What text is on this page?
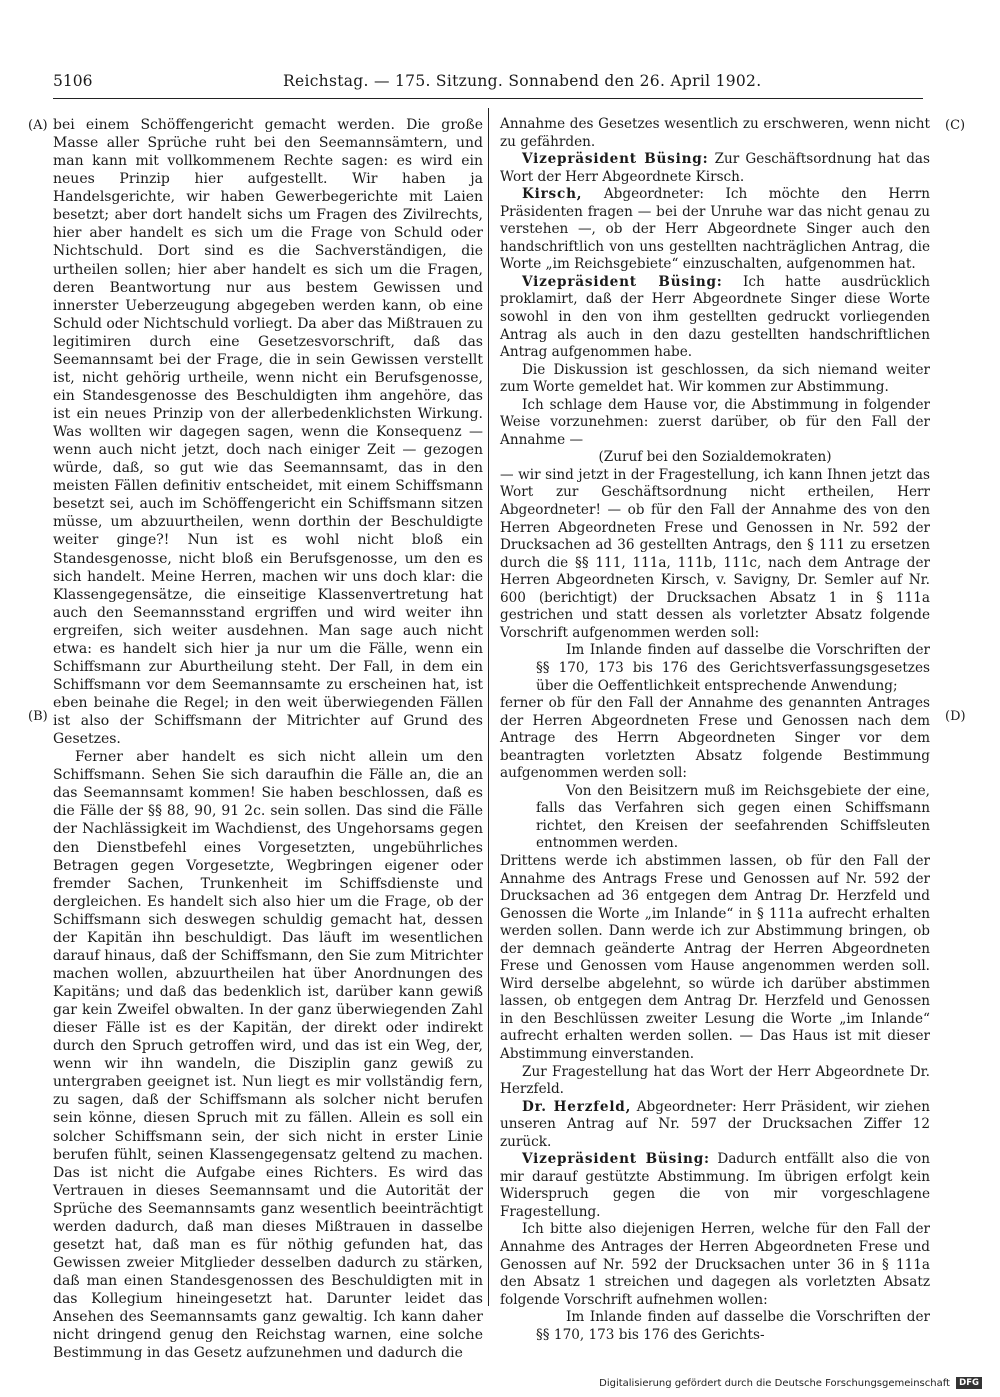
5106	Reichstag. — 175. Sitzung. Sonnabend den 26. April 1902.
(A)
(B)
(C)
(D)

bei einem Schöffengericht gemacht werden. Die große Masse aller Sprüche ruht bei den Seemannsämtern, und man kann mit vollkommenem Rechte sagen: es wird ein neues Prinzip hier aufgestellt. Wir haben ja Handelsgerichte, wir haben Gewerbegerichte mit Laien besetzt; aber dort handelt sichs um Fragen des Zivilrechts, hier aber handelt es sich um die Frage von Schuld oder Nichtschuld. Dort sind es die Sachverständigen, die urtheilen sollen; hier aber handelt es sich um die Fragen, deren Beantwortung nur aus bestem Gewissen und innerster Ueberzeugung abgegeben werden kann, ob eine Schuld oder Nichtschuld vorliegt. Da aber das Mißtrauen zu legitimiren durch eine Gesetzesvorschrift, daß das Seemannsamt bei der Frage, die in sein Gewissen verstellt ist, nicht gehörig urtheile, wenn nicht ein Berufsgenosse, ein Standesgenosse des Beschuldigten ihm angehöre, das ist ein neues Prinzip von der allerbedenklichsten Wirkung. Was wollten wir dagegen sagen, wenn die Konsequenz — wenn auch nicht jetzt, doch nach einiger Zeit — gezogen würde, daß, so gut wie das Seemannsamt, das in den meisten Fällen definitiv entscheidet, mit einem Schiffsmann besetzt sei, auch im Schöffengericht ein Schiffsmann sitzen müsse, um abzuurtheilen, wenn dorthin der Beschuldigte weiter ginge?! Nun ist es wohl nicht bloß ein Standesgenosse, nicht bloß ein Berufsgenosse, um den es sich handelt. Meine Herren, machen wir uns doch klar: die Klassengegensätze, die einseitige Klassenvertretung hat auch den Seemannsstand ergriffen und wird weiter ihn ergreifen, sich weiter ausdehnen. Man sage auch nicht etwa: es handelt sich hier ja nur um die Fälle, wenn ein Schiffsmann zur Aburtheilung steht. Der Fall, in dem ein Schiffsmann vor dem Seemannsamte zu erscheinen hat, ist eben beinahe die Regel; in den weit überwiegenden Fällen ist also der Schiffsmann der Mitrichter auf Grund des Gesetzes.

Ferner aber handelt es sich nicht allein um den Schiffsmann. Sehen Sie sich daraufhin die Fälle an, die an das Seemannsamt kommen! Sie haben beschlossen, daß es die Fälle der §§ 88, 90, 91 2c. sein sollen. Das sind die Fälle der Nachlässigkeit im Wachdienst, des Ungehorsams gegen den Dienstbefehl eines Vorgesetzten, ungebührliches Betragen gegen Vorgesetzte, Wegbringen eigener oder fremder Sachen, Trunkenheit im Schiffsdienste und dergleichen. Es handelt sich also hier um die Frage, ob der Schiffsmann sich deswegen schuldig gemacht hat, dessen der Kapitän ihn beschuldigt. Das läuft im wesentlichen darauf hinaus, daß der Schiffsmann, den Sie zum Mitrichter machen wollen, abzuurtheilen hat über Anordnungen des Kapitäns; und daß das bedenklich ist, darüber kann gewiß gar kein Zweifel obwalten. In der ganz überwiegenden Zahl dieser Fälle ist es der Kapitän, der direkt oder indirekt durch den Spruch getroffen wird, und das ist ein Weg, der, wenn wir ihn wandeln, die Disziplin ganz gewiß zu untergraben geeignet ist. Nun liegt es mir vollständig fern, zu sagen, daß der Schiffsmann als solcher nicht berufen sein könne, diesen Spruch mit zu fällen. Allein es soll ein solcher Schiffsmann sein, der sich nicht in erster Linie berufen fühlt, seinen Klassengegensatz geltend zu machen. Das ist nicht die Aufgabe eines Richters. Es wird das Vertrauen in dieses Seemannsamt und die Autorität der Sprüche des Seemannsamts ganz wesentlich beeinträchtigt werden dadurch, daß man dieses Mißtrauen in dasselbe gesetzt hat, daß man es für nöthig gefunden hat, das Gewissen zweier Mitglieder desselben dadurch zu stärken, daß man einen Standesgenossen des Beschuldigten mit in das Kollegium hineingesetzt hat. Darunter leidet das Ansehen des Seemannsamts ganz gewaltig. Ich kann daher nicht dringend genug den Reichstag warnen, eine solche Bestimmung in das Gesetz aufzunehmen und dadurch die

Annahme des Gesetzes wesentlich zu erschweren, wenn nicht zu gefährden.

Vizepräsident Büsing: Zur Geschäftsordnung hat das Wort der Herr Abgeordnete Kirsch.

Kirsch, Abgeordneter: Ich möchte den Herrn Präsidenten fragen — bei der Unruhe war das nicht genau zu verstehen —, ob der Herr Abgeordnete Singer auch den handschriftlich von uns gestellten nachträglichen Antrag, die Worte „im Reichsgebiete“ einzuschalten, aufgenommen hat.

Vizepräsident Büsing: Ich hatte ausdrücklich proklamirt, daß der Herr Abgeordnete Singer diese Worte sowohl in den von ihm gestellten gedruckt vorliegenden Antrag als auch in den dazu gestellten handschriftlichen Antrag aufgenommen habe.

Die Diskussion ist geschlossen, da sich niemand weiter zum Worte gemeldet hat. Wir kommen zur Abstimmung.

Ich schlage dem Hause vor, die Abstimmung in folgender Weise vorzunehmen: zuerst darüber, ob für den Fall der Annahme —

(Zuruf bei den Sozialdemokraten)

— wir sind jetzt in der Fragestellung, ich kann Ihnen jetzt das Wort zur Geschäftsordnung nicht ertheilen, Herr Abgeordneter! — ob für den Fall der Annahme des von den Herren Abgeordneten Frese und Genossen in Nr. 592 der Drucksachen ad 36 gestellten Antrags, den § 111 zu ersetzen durch die §§ 111, 111a, 111b, 111c, nach dem Antrage der Herren Abgeordneten Kirsch, v. Savigny, Dr. Semler auf Nr. 600 (berichtigt) der Drucksachen Absatz 1 in § 111a gestrichen und statt dessen als vorletzter Absatz folgende Vorschrift aufgenommen werden soll:

Im Inlande finden auf dasselbe die Vorschriften der §§ 170, 173 bis 176 des Gerichtsverfassungsgesetzes über die Oeffentlichkeit entsprechende Anwendung;

ferner ob für den Fall der Annahme des genannten Antrages der Herren Abgeordneten Frese und Genossen nach dem Antrage des Herrn Abgeordneten Singer vor dem beantragten vorletzten Absatz folgende Bestimmung aufgenommen werden soll:

Von den Beisitzern muß im Reichsgebiete der eine, falls das Verfahren sich gegen einen Schiffsmann richtet, den Kreisen der seefahrenden Schiffsleuten entnommen werden.

Drittens werde ich abstimmen lassen, ob für den Fall der Annahme des Antrags Frese und Genossen auf Nr. 592 der Drucksachen ad 36 entgegen dem Antrag Dr. Herzfeld und Genossen die Worte „im Inlande“ in § 111a aufrecht erhalten werden sollen. Dann werde ich zur Abstimmung bringen, ob der demnach geänderte Antrag der Herren Abgeordneten Frese und Genossen vom Hause angenommen werden soll. Wird derselbe abgelehnt, so würde ich darüber abstimmen lassen, ob entgegen dem Antrag Dr. Herzfeld und Genossen in den Beschlüssen zweiter Lesung die Worte „im Inlande“ aufrecht erhalten werden sollen. — Das Haus ist mit dieser Abstimmung einverstanden.

Zur Fragestellung hat das Wort der Herr Abgeordnete Dr. Herzfeld.

Dr. Herzfeld, Abgeordneter: Herr Präsident, wir ziehen unseren Antrag auf Nr. 597 der Drucksachen Ziffer 12 zurück.

Vizepräsident Büsing: Dadurch entfällt also die von mir darauf gestützte Abstimmung. Im übrigen erfolgt kein Widerspruch gegen die von mir vorgeschlagene Fragestellung.

Ich bitte also diejenigen Herren, welche für den Fall der Annahme des Antrages der Herren Abgeordneten Frese und Genossen auf Nr. 592 der Drucksachen unter 36 in § 111a den Absatz 1 streichen und dagegen als vorletzten Absatz folgende Vorschrift aufnehmen wollen:

Im Inlande finden auf dasselbe die Vorschriften der §§ 170, 173 bis 176 des Gerichts-

Digitalisierung gefördert durch die Deutsche Forschungsgemeinschaft DFG
